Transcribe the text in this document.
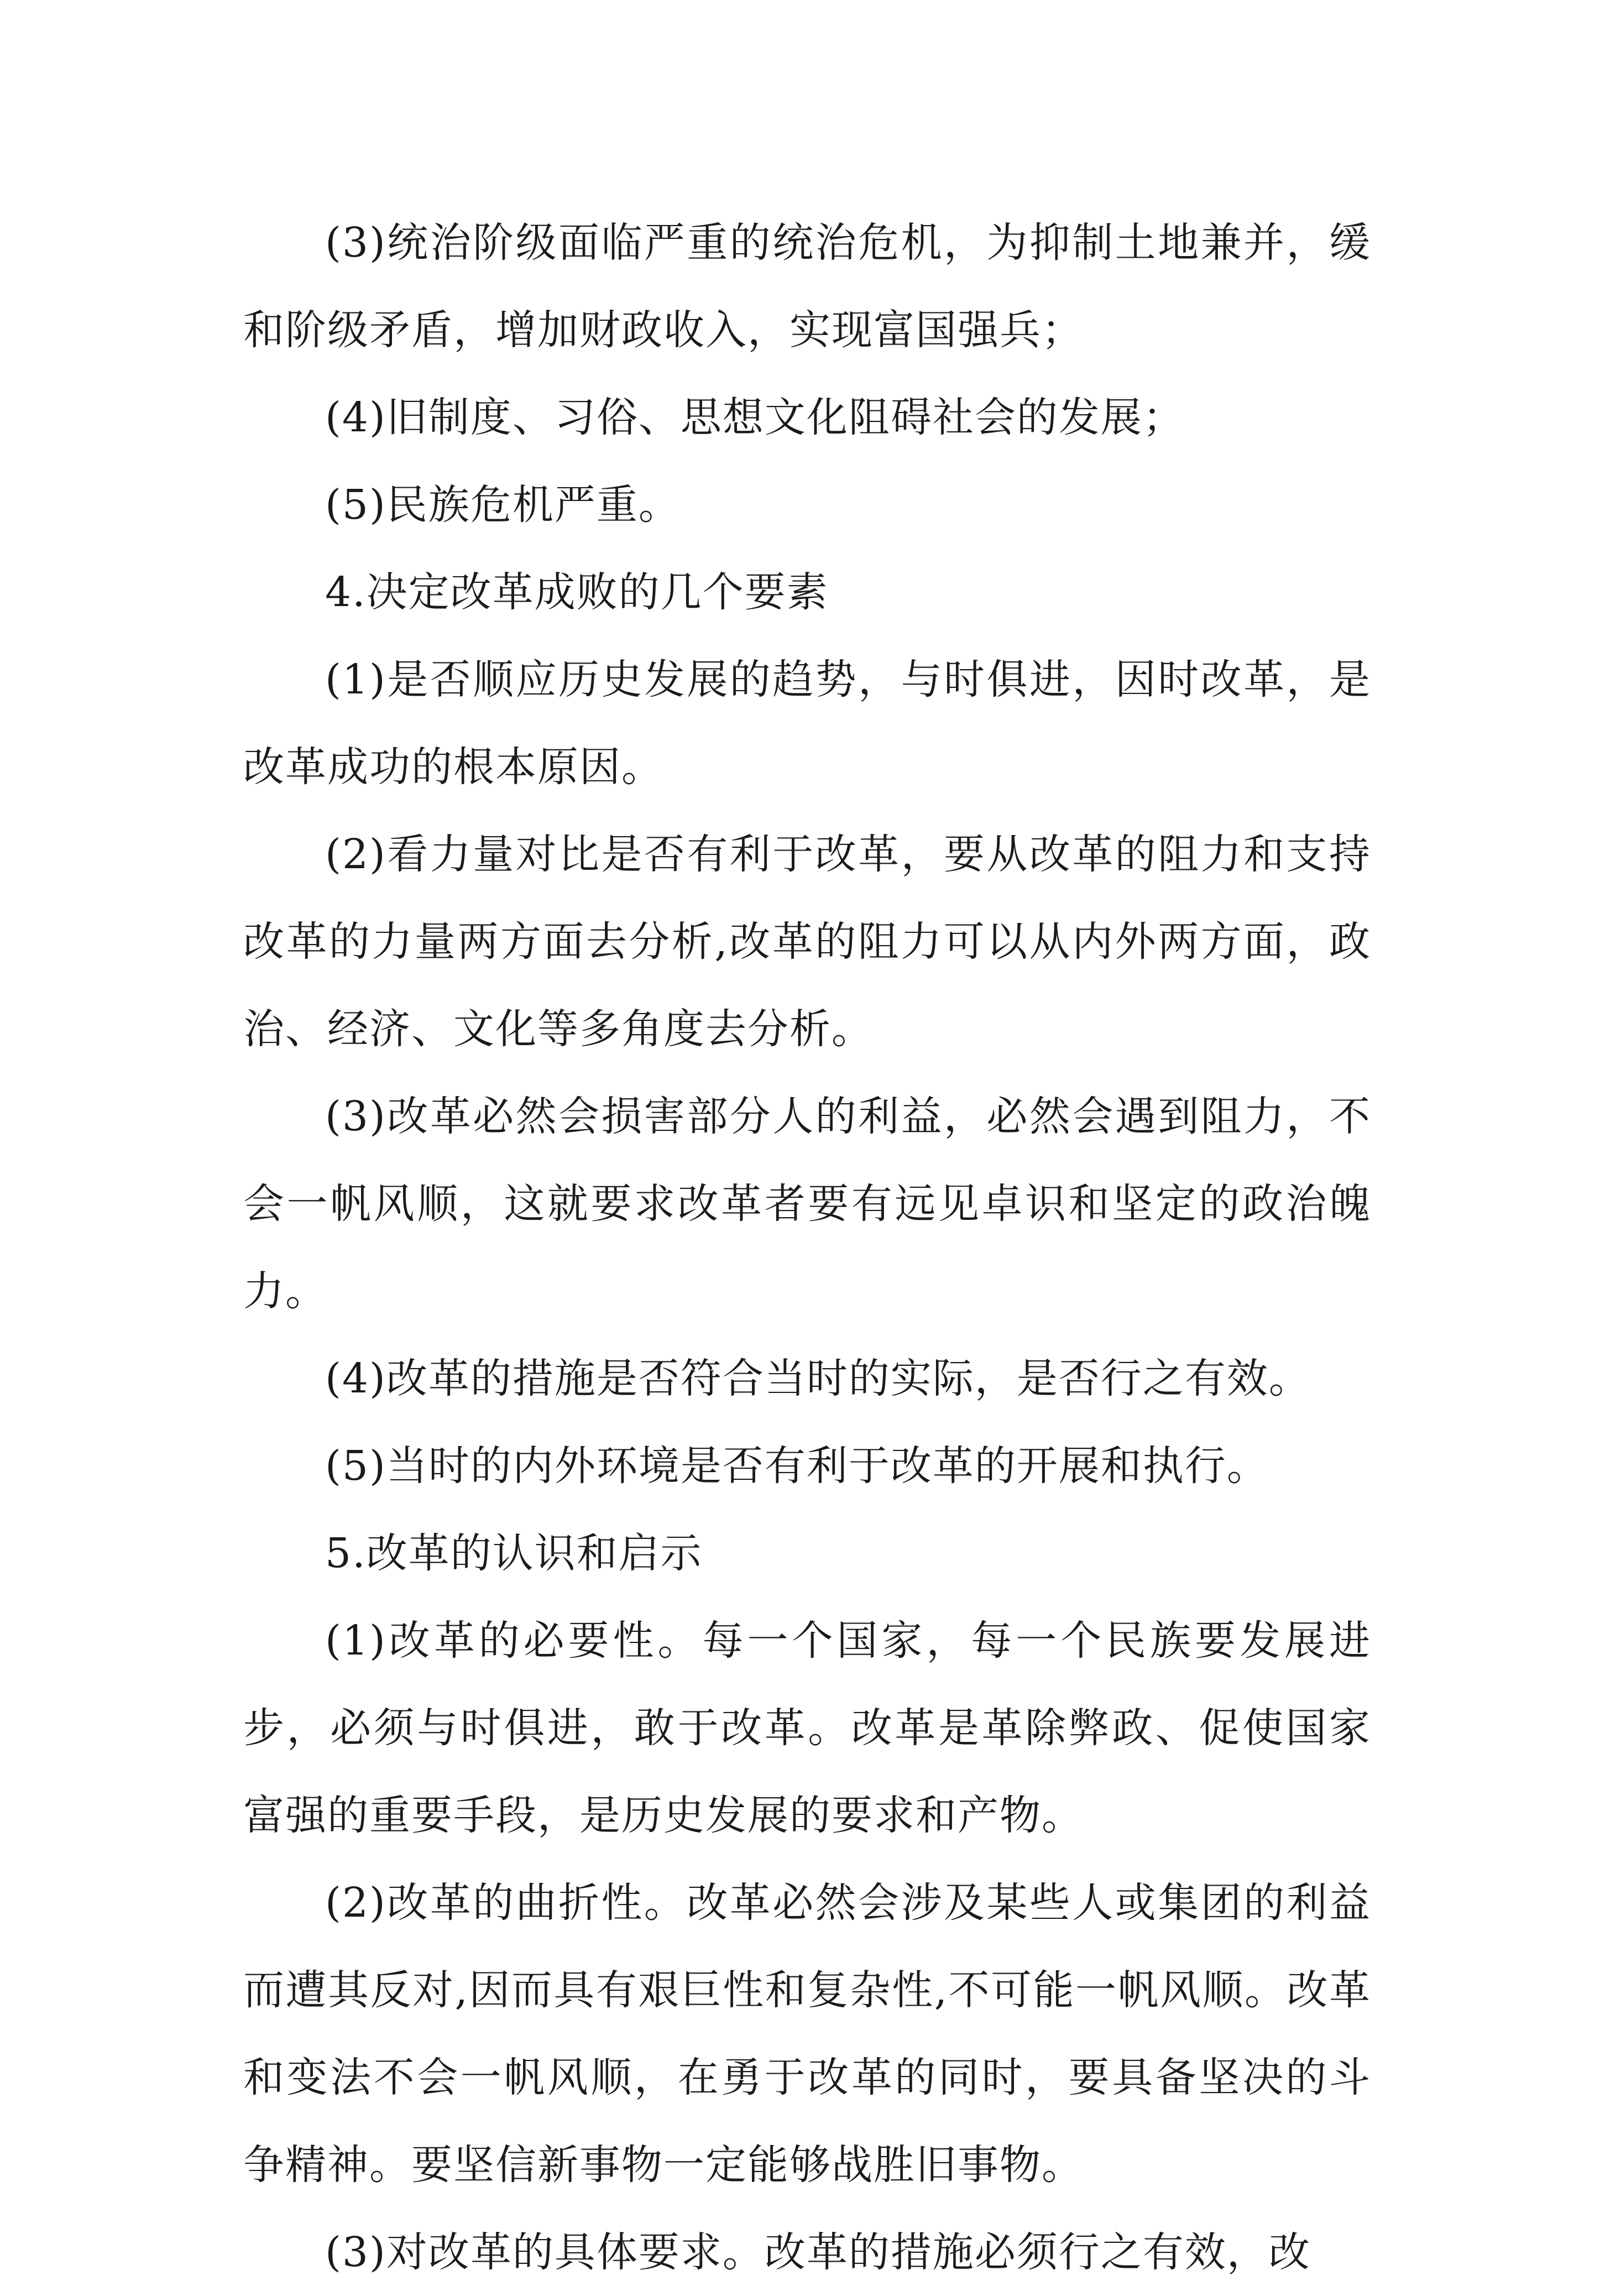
(3)统治阶级面临严重的统治危机，为抑制土地兼并，缓和阶级矛盾，增加财政收入，实现富国强兵；

(4)旧制度、习俗、思想文化阻碍社会的发展；

(5)民族危机严重。

4.决定改革成败的几个要素

(1)是否顺应历史发展的趋势，与时俱进，因时改革，是改革成功的根本原因。

(2)看力量对比是否有利于改革，要从改革的阻力和支持改革的力量两方面去分析,改革的阻力可以从内外两方面，政治、经济、文化等多角度去分析。

(3)改革必然会损害部分人的利益，必然会遇到阻力，不会一帆风顺，这就要求改革者要有远见卓识和坚定的政治魄力。

(4)改革的措施是否符合当时的实际，是否行之有效。

(5)当时的内外环境是否有利于改革的开展和执行。

5.改革的认识和启示

(1)改革的必要性。每一个国家，每一个民族要发展进步，必须与时俱进，敢于改革。改革是革除弊政、促使国家富强的重要手段，是历史发展的要求和产物。

(2)改革的曲折性。改革必然会涉及某些人或集团的利益而遭其反对,因而具有艰巨性和复杂性,不可能一帆风顺。改革和变法不会一帆风顺，在勇于改革的同时，要具备坚决的斗争精神。要坚信新事物一定能够战胜旧事物。

(3)对改革的具体要求。改革的措施必须行之有效，改
